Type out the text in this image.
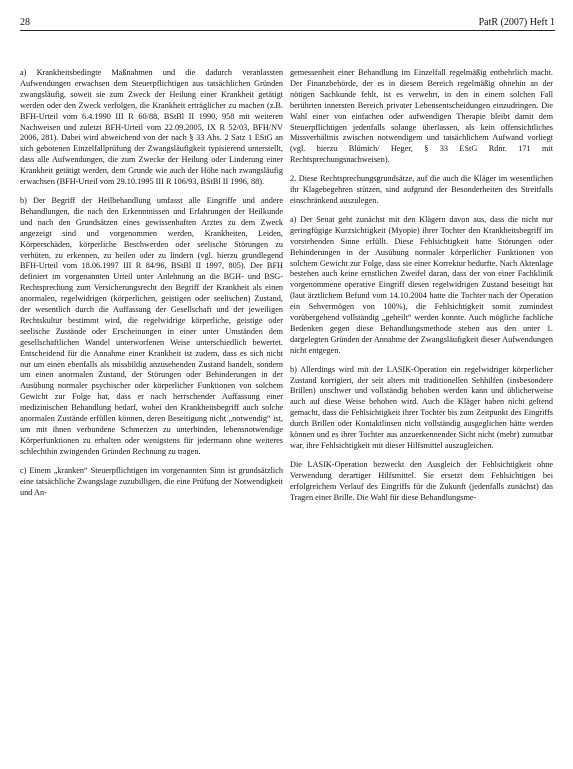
28	PatR (2007) Heft 1

a) Krankheitsbedingte Maßnahmen und die dadurch veranlassten Aufwendungen erwachsen dem Steuerpflichtigen aus tatsächlichen Gründen zwangsläufig, soweit sie zum Zweck der Heilung einer Krankheit getätigt werden oder den Zweck verfolgen, die Krankheit erträglicher zu machen (z.B. BFH-Urteil vom 6.4.1990 III R 60/88, BStBl II 1990, 958 mit weiteren Nachweisen und zuletzt BFH-Urteil vom 22.09.2005, IX R 52/03, BFH/NV 2006, 281). Dabei wird abweichend von der nach § 33 Abs. 2 Satz 1 EStG an sich gebotenen Einzelfallprüfung der Zwangsläufigkeit typisierend unterstellt, dass alle Aufwendungen, die zum Zwecke der Heilung oder Linderung einer Krankheit getätigt werden, dem Grunde wie auch der Höhe nach zwangsläufig erwachsen (BFH-Urteil vom 29.10.1995 III R 106/93, BStBl II 1996, 88).

b) Der Begriff der Heilbehandlung umfasst alle Eingriffe und andere Behandlungen, die nach den Erkenntnissen und Erfahrungen der Heilkunde und nach den Grundsätzen eines gewissenhaften Arztes zu dem Zweck angezeigt sind und vorgenommen werden, Krankheiten, Leiden, Körperschäden, körperliche Beschwerden oder seelische Störungen zu verhüten, zu erkennen, zu heilen oder zu lindern (vgl. hierzu grundlegend BFH-Urteil vom 18.06.1997 III R 84/96, BStBl II 1997, 805). Der BFH definiert im vorgenannten Urteil unter Anlehnung an die BGH- und BSG-Rechtsprechung zum Versicherungsrecht den Begriff der Krankheit als einen anormalen, regelwidrigen (körperlichen, geistigen oder seelischen) Zustand, der wesentlich durch die Auffassung der Gesellschaft und der jeweiligen Rechtskultur bestimmt wird, die regelwidrige körperliche, geistige oder seelische Zustände oder Erscheinungen in einer unter Umständen dem gesellschaftlichen Wandel unterworfenen Weise unterschiedlich bewertet. Entscheidend für die Annahme einer Krankheit ist zudem, dass es sich nicht nur um einen ebenfalls als missbildig anzusehenden Zustand handelt, sondern um einen anormalen Zustand, der Störungen oder Behinderungen in der Ausübung normaler psychischer oder körperlicher Funktionen von solchem Gewicht zur Folge hat, dass er nach herrschender Auffassung einer medizinischen Behandlung bedarf, wobei den Krankheitsbegriff auch solche anormalen Zustände erfüllen können, deren Beseitigung nicht „notwendig“ ist, um mit ihnen verbundene Schmerzen zu unterbinden, lebensnotwendige Körperfunktionen zu erhalten oder wenigstens für jedermann ohne weiteres schlechthin zwingenden Gründen Rechnung zu tragen.

c) Einem „kranken“ Steuerpflichtigen im vorgenannten Sinn ist grundsätzlich eine tatsächliche Zwangslage zuzubilligen, die eine Prüfung der Notwendigkeit und An-

gemessenheit einer Behandlung im Einzelfall regelmäßig entbehrlich macht. Der Finanzbehörde, der es in diesem Bereich regelmäßig ohnehin an der nötigen Sachkunde fehlt, ist es verwehrt, in den in einem solchen Fall berührten innersten Bereich privater Lebensentscheidungen einzudringen. Die Wahl einer von einfachen oder aufwendigen Therapie bleibt damit dem Steuerpflichtigen jedenfalls solange überlassen, als kein offensichtliches Missverhältnis zwischen notwendigem und tatsächlichem Aufwand vorliegt (vgl. hierzu Blümich/ Heger, § 33 EStG Rdnr. 171 mit Rechtsprechungsnachweisen).

2. Diese Rechtsprechungsgrundsätze, auf die auch die Kläger im wesentlichen ihr Klagebegehren stützen, sind aufgrund der Besonderheiten des Streitfalls einschränkend auszulegen.

a) Der Senat geht zunächst mit den Klägern davon aus, dass die nicht nur geringfügige Kurzsichtigkeit (Myopie) ihrer Tochter den Krankheitsbegriff im vorstehenden Sinne erfüllt. Diese Fehlsichtigkeit hatte Störungen oder Behinderungen in der Ausübung normaler körperlicher Funktionen von solchem Gewicht zur Folge, dass sie einer Korrektur bedurfte. Nach Aktenlage bestehen auch keine ernstlichen Zweifel daran, dass der von einer Fachklinik vorgenommene operative Eingriff diesen regelwidrigen Zustand beseitigt hat (laut ärztlichem Befund vom 14.10.2004 hatte die Tochter nach der Operation ein Sehvermögen von 100%), die Fehlsichtigkeit somit zumindest vorübergehend vollständig „geheilt“ werden konnte. Auch mögliche fachliche Bedenken gegen diese Behandlungsmethode stehen aus den unter 1. dargelegten Gründen der Annahme der Zwangsläufigkeit dieser Aufwendungen nicht entgegen.

b) Allerdings wird mit der LASIK-Operation ein regelwidriger körperlicher Zustand korrigiert, der seit alters mit traditionellen Sehhilfen (insbesondere Brillen) unschwer und vollständig behoben werden kann und üblicherweise auch auf diese Weise behoben wird. Auch die Kläger haben nicht geltend gemacht, dass die Fehlsichtigkeit ihrer Tochter bis zum Zeitpunkt des Eingriffs durch Brillen oder Kontaktlinsen nicht vollständig ausgeglichen hätte werden können und es ihrer Tochter aus anzuerkennender Sicht nicht (mehr) zumutbar war, ihre Fehlsichtigkeit mit dieser Hilfsmittel auszugleichen.

Die LASIK-Operation bezweckt den Ausgleich der Fehlsichtigkeit ohne Verwendung derartiger Hilfsmittel. Sie ersetzt dem Fehlsichtigen bei erfolgreichem Verlauf des Eingriffs für die Zukunft (jedenfalls zunächst) das Tragen einer Brille. Die Wahl für diese Behandlungsme-
